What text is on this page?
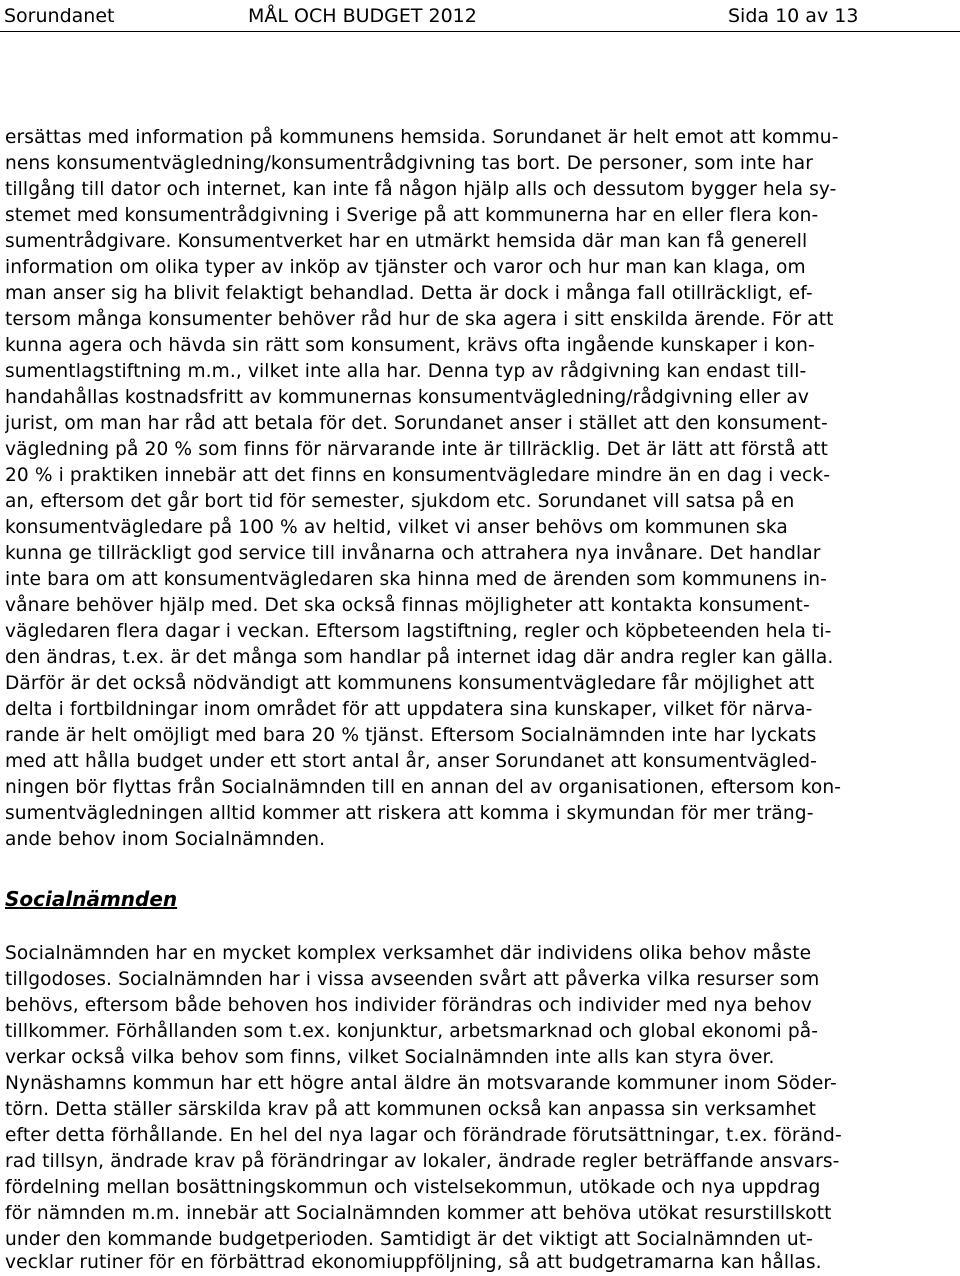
Sorundanet	MÅL OCH BUDGET 2012	Sida 10 av 13
ersättas med information på kommunens hemsida. Sorundanet är helt emot att kommu-
nens konsumentvägledning/konsumentrådgivning tas bort. De personer, som inte har
tillgång till dator och internet, kan inte få någon hjälp alls och dessutom bygger hela sy-
stemet med konsumentrådgivning i Sverige på att kommunerna har en eller flera kon-
sumentrådgivare. Konsumentverket har en utmärkt hemsida där man kan få generell
information om olika typer av inköp av tjänster och varor och hur man kan klaga, om
man anser sig ha blivit felaktigt behandlad. Detta är dock i många fall otillräckligt, ef-
tersom många konsumenter behöver råd hur de ska agera i sitt enskilda ärende. För att
kunna agera och hävda sin rätt som konsument, krävs ofta ingående kunskaper i kon-
sumentlagstiftning m.m., vilket inte alla har. Denna typ av rådgivning kan endast till-
handahållas kostnadsfritt av kommunernas konsumentvägledning/rådgivning eller av
jurist, om man har råd att betala för det. Sorundanet anser i stället att den konsument-
vägledning på 20 % som finns för närvarande inte är tillräcklig. Det är lätt att förstå att
20 % i praktiken innebär att det finns en konsumentvägledare mindre än en dag i veck-
an, eftersom det går bort tid för semester, sjukdom etc. Sorundanet vill satsa på en
konsumentvägledare på 100 % av heltid, vilket vi anser behövs om kommunen ska
kunna ge tillräckligt god service till invånarna och attrahera nya invånare. Det handlar
inte bara om att konsumentvägledaren ska hinna med de ärenden som kommunens in-
vånare behöver hjälp med. Det ska också finnas möjligheter att kontakta konsument-
vägledaren flera dagar i veckan. Eftersom lagstiftning, regler och köpbeteenden hela ti-
den ändras, t.ex. är det många som handlar på internet idag där andra regler kan gälla.
Därför är det också nödvändigt att kommunens konsumentvägledare får möjlighet att
delta i fortbildningar inom området för att uppdatera sina kunskaper, vilket för närva-
rande är helt omöjligt med bara 20 % tjänst. Eftersom Socialnämnden inte har lyckats
med att hålla budget under ett stort antal år, anser Sorundanet att konsumentvägled-
ningen bör flyttas från Socialnämnden till en annan del av organisationen, eftersom kon-
sumentvägledningen alltid kommer att riskera att komma i skymundan för mer träng-
ande behov inom Socialnämnden.
Socialnämnden
Socialnämnden har en mycket komplex verksamhet där individens olika behov måste
tillgodoses. Socialnämnden har i vissa avseenden svårt att påverka vilka resurser som
behövs, eftersom både behoven hos individer förändras och individer med nya behov
tillkommer. Förhållanden som t.ex. konjunktur, arbetsmarknad och global ekonomi på-
verkar också vilka behov som finns, vilket Socialnämnden inte alls kan styra över.
Nynäshamns kommun har ett högre antal äldre än motsvarande kommuner inom Söder-
törn. Detta ställer särskilda krav på att kommunen också kan anpassa sin verksamhet
efter detta förhållande. En hel del nya lagar och förändrade förutsättningar, t.ex. föränd-
rad tillsyn, ändrade krav på förändringar av lokaler, ändrade regler beträffande ansvars-
fördelning mellan bosättningskommun och vistelsekommun, utökade och nya uppdrag
för nämnden m.m. innebär att Socialnämnden kommer att behöva utökat resurstillskott
under den kommande budgetperioden. Samtidigt är det viktigt att Socialnämnden ut-
vecklar rutiner för en förbättrad ekonomiuppföljning, så att budgetramarna kan hållas.
